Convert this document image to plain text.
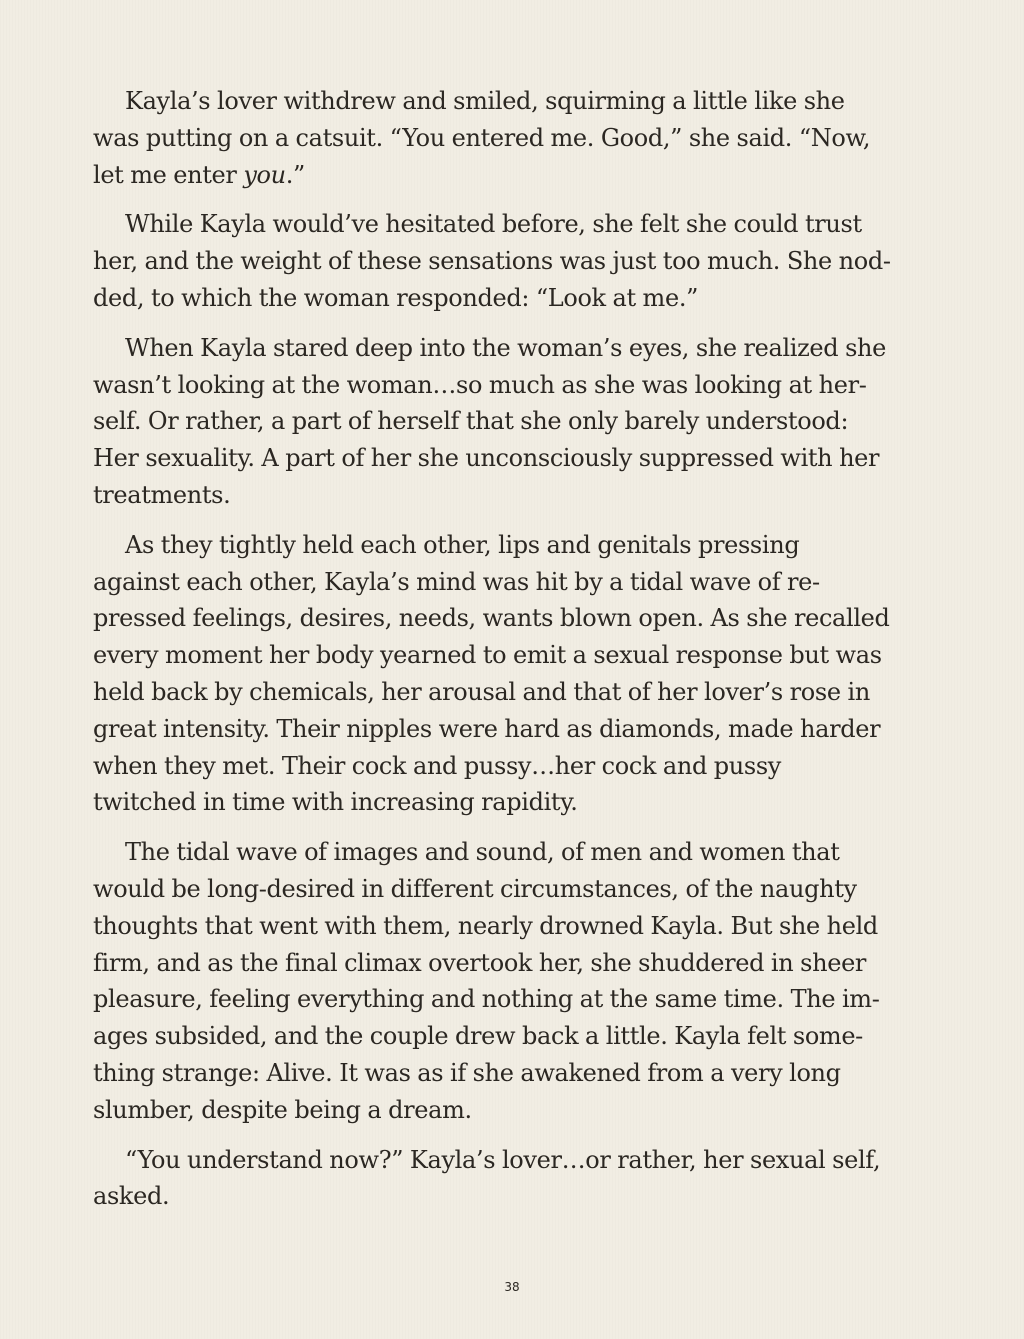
Kayla’s lover withdrew and smiled, squirming a little like she
was putting on a catsuit. “You entered me. Good,” she said. “Now,
let me enter you.”

While Kayla would’ve hesitated before, she felt she could trust
her, and the weight of these sensations was just too much. She nod-
ded, to which the woman responded: “Look at me.”

When Kayla stared deep into the woman’s eyes, she realized she
wasn’t looking at the woman…so much as she was looking at her-
self. Or rather, a part of herself that she only barely understood:
Her sexuality. A part of her she unconsciously suppressed with her
treatments.

As they tightly held each other, lips and genitals pressing
against each other, Kayla’s mind was hit by a tidal wave of re-
pressed feelings, desires, needs, wants blown open. As she recalled
every moment her body yearned to emit a sexual response but was
held back by chemicals, her arousal and that of her lover’s rose in
great intensity. Their nipples were hard as diamonds, made harder
when they met. Their cock and pussy…her cock and pussy
twitched in time with increasing rapidity.

The tidal wave of images and sound, of men and women that
would be long-desired in different circumstances, of the naughty
thoughts that went with them, nearly drowned Kayla. But she held
firm, and as the final climax overtook her, she shuddered in sheer
pleasure, feeling everything and nothing at the same time. The im-
ages subsided, and the couple drew back a little. Kayla felt some-
thing strange: Alive. It was as if she awakened from a very long
slumber, despite being a dream.

“You understand now?” Kayla’s lover…or rather, her sexual self,
asked.

38
